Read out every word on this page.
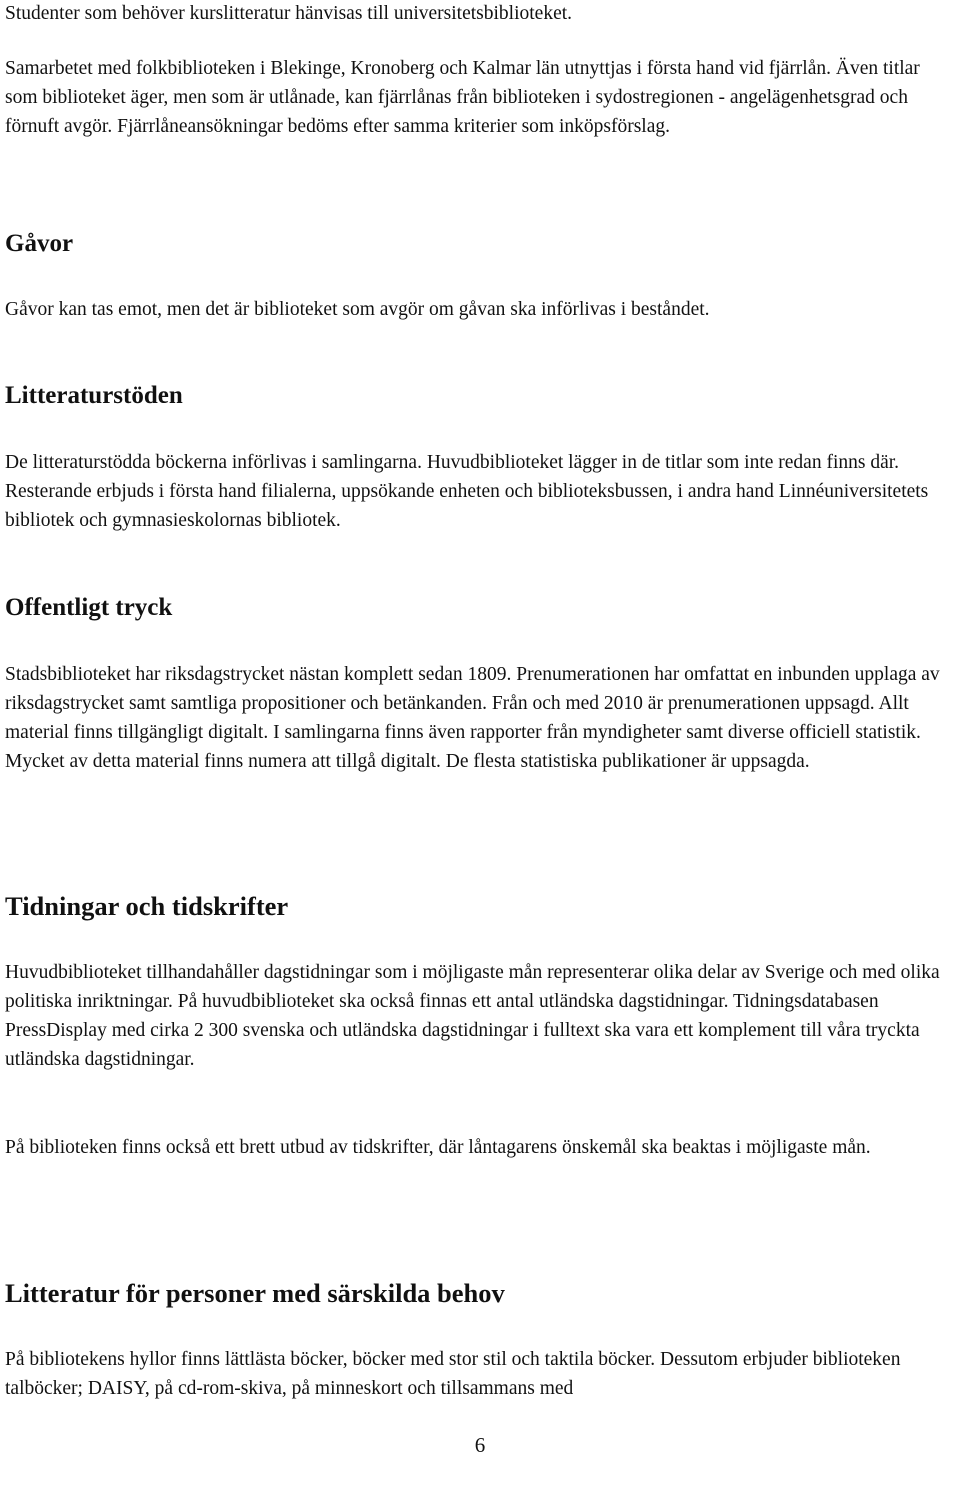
Studenter som behöver kurslitteratur hänvisas till universitetsbiblioteket.

Samarbetet med folkbiblioteken i Blekinge, Kronoberg och Kalmar län utnyttjas i första hand vid fjärrlån. Även titlar som biblioteket äger, men som är utlånade, kan fjärrlånas från biblioteken i sydostregionen - angelägenhetsgrad och förnuft avgör. Fjärrlåneansökningar bedöms efter samma kriterier som inköpsförslag.

Gåvor

Gåvor kan tas emot, men det är biblioteket som avgör om gåvan ska införlivas i beståndet.

Litteraturstöden

De litteraturstödda böckerna införlivas i samlingarna. Huvudbiblioteket lägger in de titlar som inte redan finns där. Resterande erbjuds i första hand filialerna, uppsökande enheten och biblioteksbussen, i andra hand Linnéuniversitetets bibliotek och gymnasieskolornas bibliotek.

Offentligt tryck

Stadsbiblioteket har riksdagstrycket nästan komplett sedan 1809. Prenumerationen har omfattat en inbunden upplaga av riksdagstrycket samt samtliga propositioner och betänkanden. Från och med 2010 är prenumerationen uppsagd. Allt material finns tillgängligt digitalt. I samlingarna finns även rapporter från myndigheter samt diverse officiell statistik. Mycket av detta material finns numera att tillgå digitalt. De flesta statistiska publikationer är uppsagda.

Tidningar och tidskrifter

Huvudbiblioteket tillhandahåller dagstidningar som i möjligaste mån representerar olika delar av Sverige och med olika politiska inriktningar. På huvudbiblioteket ska också finnas ett antal utländska dagstidningar. Tidningsdatabasen PressDisplay med cirka 2 300 svenska och utländska dagstidningar i fulltext ska vara ett komplement till våra tryckta utländska dagstidningar.

På biblioteken finns också ett brett utbud av tidskrifter, där låntagarens önskemål ska beaktas i möjligaste mån.

Litteratur för personer med särskilda behov

På bibliotekens hyllor finns lättlästa böcker, böcker med stor stil och taktila böcker. Dessutom erbjuder biblioteken talböcker; DAISY, på cd-rom-skiva, på minneskort och tillsammans med

6
